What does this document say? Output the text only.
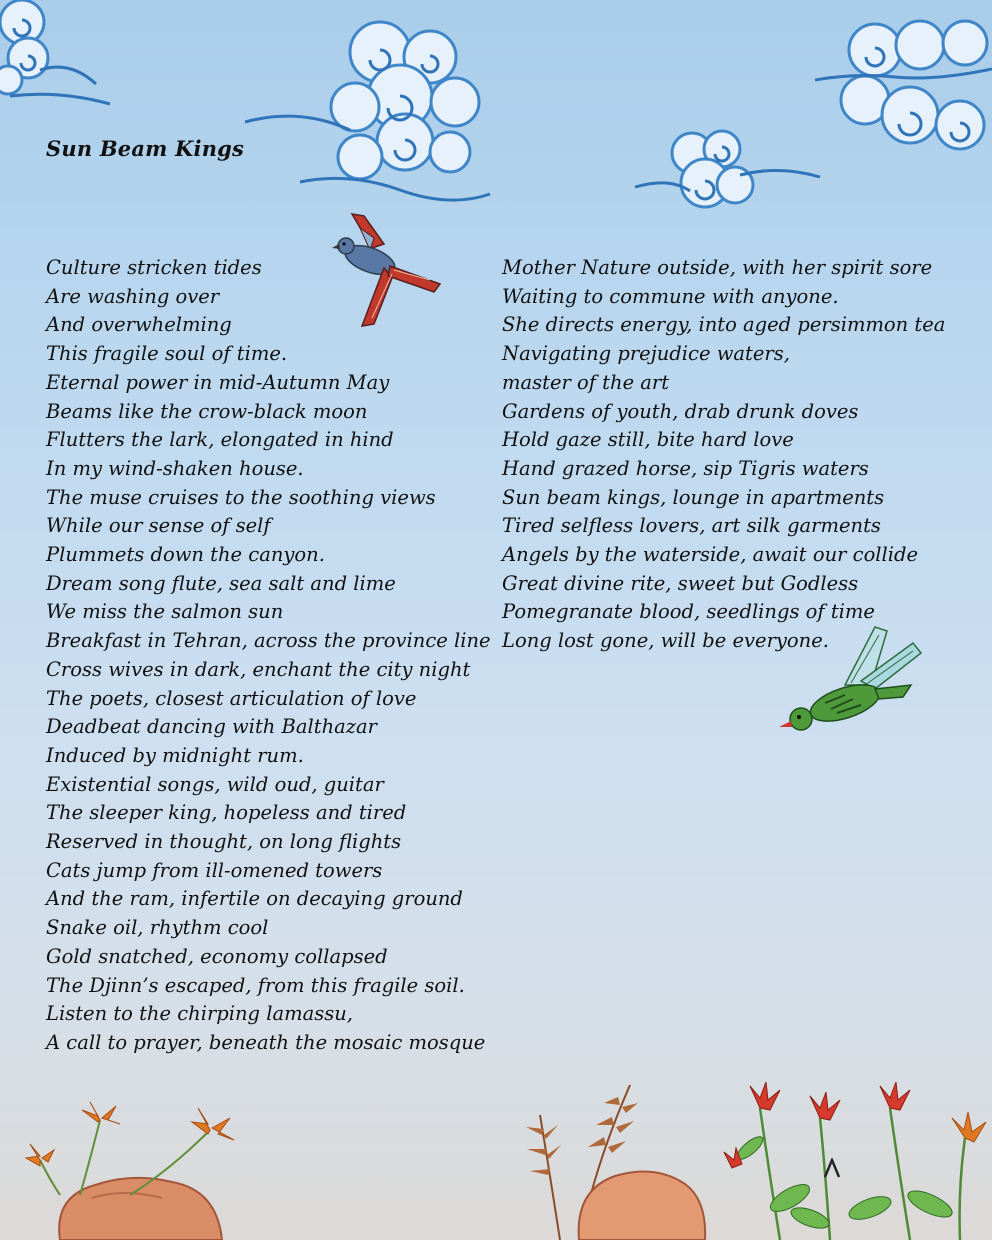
Sun Beam Kings
Culture stricken tides
Are washing over
And overwhelming
This fragile soul of time.
Eternal power in mid-Autumn May
Beams like the crow-black moon
Flutters the lark, elongated in hind
In my wind-shaken house.
The muse cruises to the soothing views
While our sense of self
Plummets down the canyon.
Dream song flute, sea salt and lime
We miss the salmon sun
Breakfast in Tehran, across the province line
Cross wives in dark, enchant the city night
The poets, closest articulation of love
Deadbeat dancing with Balthazar
Induced by midnight rum.
Existential songs, wild oud, guitar
The sleeper king, hopeless and tired
Reserved in thought, on long flights
Cats jump from ill-omened towers
And the ram, infertile on decaying ground
Snake oil, rhythm cool
Gold snatched, economy collapsed
The Djinn’s escaped, from this fragile soil.
Listen to the chirping lamassu,
A call to prayer, beneath the mosaic mosque
Mother Nature outside, with her spirit sore
Waiting to commune with anyone.
She directs energy, into aged persimmon tea
Navigating prejudice waters,
master of the art
Gardens of youth, drab drunk doves
Hold gaze still, bite hard love
Hand grazed horse, sip Tigris waters
Sun beam kings, lounge in apartments
Tired selfless lovers, art silk garments
Angels by the waterside, await our collide
Great divine rite, sweet but Godless
Pomegranate blood, seedlings of time
Long lost gone, will be everyone.
